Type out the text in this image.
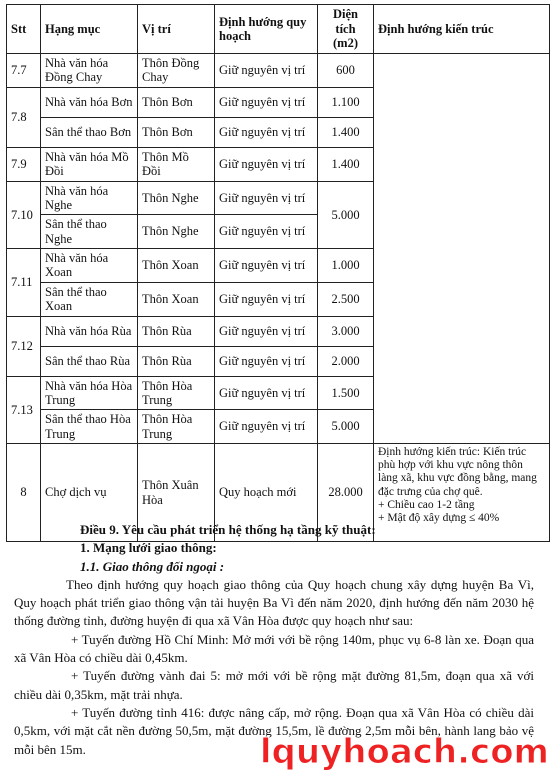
Stt	Hạng mục	Vị trí	Định hướng quy hoạch	Diện tích (m2)	Định hướng kiến trúc
7.7	Nhà văn hóa Đồng Chay	Thôn Đồng Chay	Giữ nguyên vị trí	600	
7.8	Nhà văn hóa Bơn	Thôn Bơn	Giữ nguyên vị trí	1.100	
	Sân thể thao Bơn	Thôn Bơn	Giữ nguyên vị trí	1.400	
7.9	Nhà văn hóa Mồ Đồi	Thôn Mồ Đồi	Giữ nguyên vị trí	1.400	
7.10	Nhà văn hóa Nghe	Thôn Nghe	Giữ nguyên vị trí	5.000	
	Sân thể thao Nghe	Thôn Nghe	Giữ nguyên vị trí		
7.11	Nhà văn hóa Xoan	Thôn Xoan	Giữ nguyên vị trí	1.000	
	Sân thể thao Xoan	Thôn Xoan	Giữ nguyên vị trí	2.500	
7.12	Nhà văn hóa Rùa	Thôn Rùa	Giữ nguyên vị trí	3.000	
	Sân thể thao Rùa	Thôn Rùa	Giữ nguyên vị trí	2.000	
7.13	Nhà văn hóa Hòa Trung	Thôn Hòa Trung	Giữ nguyên vị trí	1.500	
	Sân thể thao Hòa Trung	Thôn Hòa Trung	Giữ nguyên vị trí	5.000	
8	Chợ dịch vụ	Thôn Xuân Hòa	Quy hoạch mới	28.000	Định hướng kiến trúc: Kiến trúc phù hợp với khu vực nông thôn làng xã, khu vực đồng bằng, mang đặc trưng của chợ quê.
+ Chiều cao 1-2 tầng
+ Mật độ xây dựng ≤ 40%

Điều 9. Yêu cầu phát triển hệ thống hạ tầng kỹ thuật:

1. Mạng lưới giao thông:

1.1. Giao thông đối ngoại :

Theo định hướng quy hoạch giao thông của Quy hoạch chung xây dựng huyện Ba Vì, Quy hoạch phát triển giao thông vận tải huyện Ba Vì đến năm 2020, định hướng đến năm 2030 hệ thống đường tỉnh, đường huyện đi qua xã Vân Hòa được quy hoạch như sau:

+ Tuyến đường Hồ Chí Minh: Mở mới với bề rộng 140m, phục vụ 6-8 làn xe. Đoạn qua xã Vân Hòa có chiều dài 0,45km.

+ Tuyến đường vành đai 5: mở mới với bề rộng mặt đường 81,5m, đoạn qua xã với chiều dài 0,35km, mặt trải nhựa.

+ Tuyến đường tỉnh 416: được nâng cấp, mở rộng. Đoạn qua xã Vân Hòa có chiều dài 0,5km, với mặt cắt nền đường 50,5m, mặt đường 15,5m, lề đường 2,5m mỗi bên, hành lang bảo vệ mỗi bên 15m.	lquyhoach.com
